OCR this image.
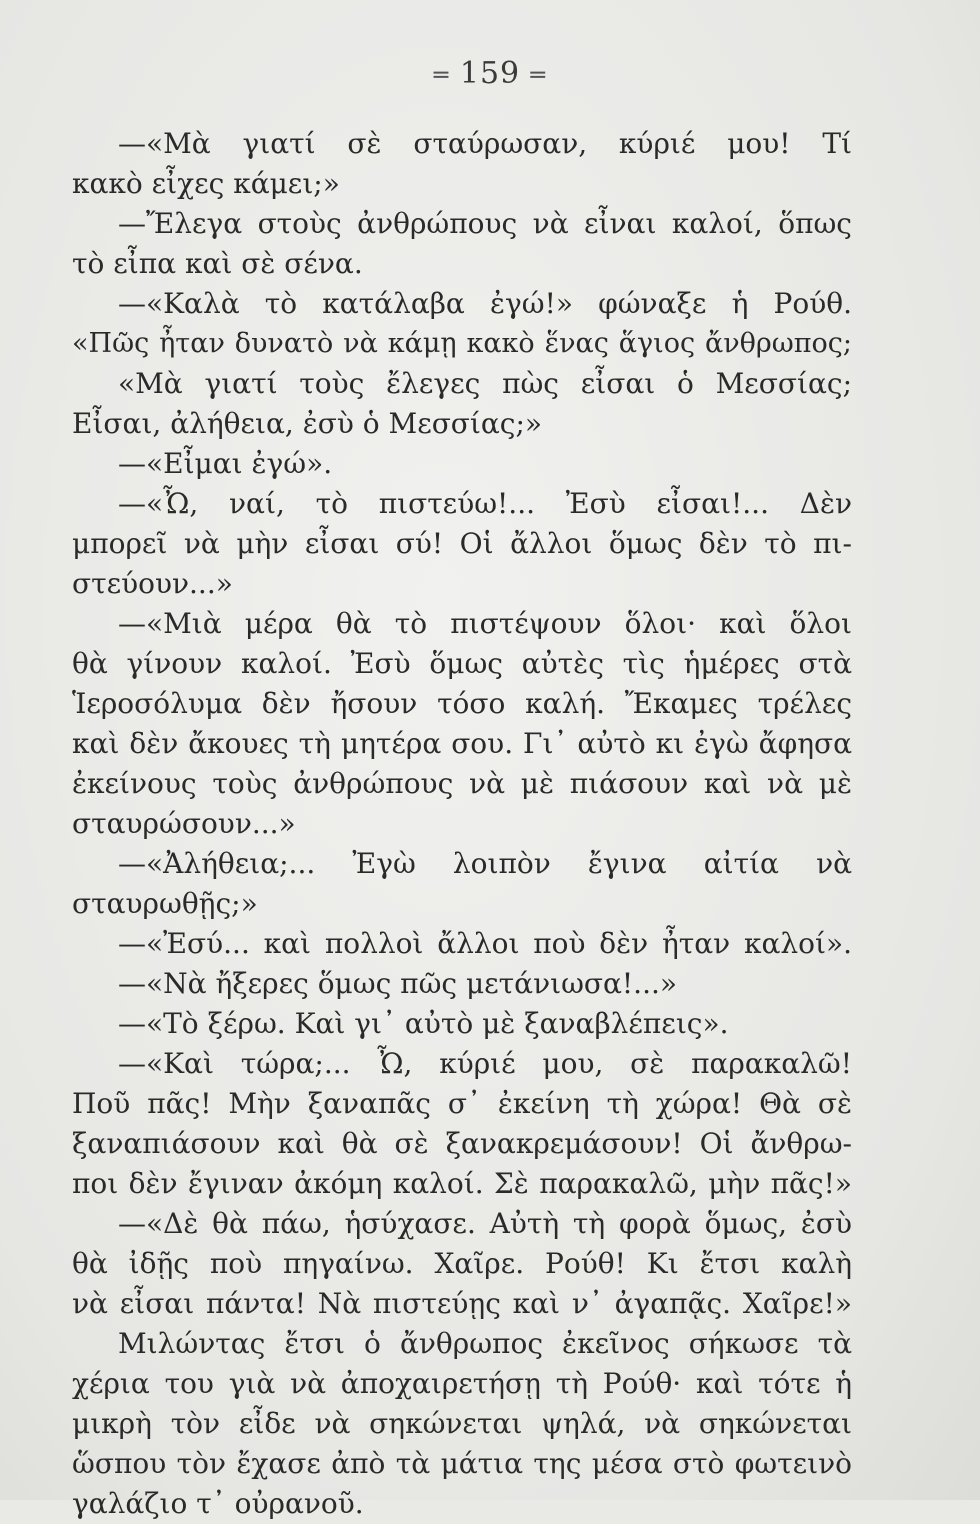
═ 159 ═
—«Μὰ γιατί σὲ σταύρωσαν, κύριέ μου! Τί
κακὸ εἶχες κάμει;»
—Ἔλεγα στοὺς ἀνθρώπους νὰ εἶναι καλοί, ὅπως
τὸ εἶπα καὶ σὲ σένα.
—«Καλὰ τὸ κατάλαβα ἐγώ!» φώναξε ἡ Ρούθ.
«Πῶς ἦταν δυνατὸ νὰ κάμῃ κακὸ ἕνας ἅγιος ἄνθρωπος;
«Μὰ γιατί τοὺς ἔλεγες πὼς εἶσαι ὁ Μεσσίας;
Εἶσαι, ἀλήθεια, ἐσὺ ὁ Μεσσίας;»
—«Εἶμαι ἐγώ».
—«Ὦ, ναί, τὸ πιστεύω!... Ἐσὺ εἶσαι!... Δὲν
μπορεῖ νὰ μὴν εἶσαι σύ! Οἱ ἄλλοι ὅμως δὲν τὸ πι-
στεύουν...»
—«Μιὰ μέρα θὰ τὸ πιστέψουν ὅλοι· καὶ ὅλοι
θὰ γίνουν καλοί. Ἐσὺ ὅμως αὐτὲς τὶς ἡμέρες στὰ
Ἱεροσόλυμα δὲν ἤσουν τόσο καλή. Ἔκαμες τρέλες
καὶ δὲν ἄκουες τὴ μητέρα σου. Γι᾽ αὐτὸ κι ἐγὼ ἄφησα
ἐκείνους τοὺς ἀνθρώπους νὰ μὲ πιάσουν καὶ νὰ μὲ
σταυρώσουν...»
—«Ἀλήθεια;... Ἐγὼ λοιπὸν ἔγινα αἰτία νὰ
σταυρωθῇς;»
—«Ἐσύ... καὶ πολλοὶ ἄλλοι ποὺ δὲν ἦταν καλοί».
—«Νὰ ἤξερες ὅμως πῶς μετάνιωσα!...»
—«Τὸ ξέρω. Καὶ γι᾽ αὐτὸ μὲ ξαναβλέπεις».
—«Καὶ τώρα;... Ὦ, κύριέ μου, σὲ παρακαλῶ!
Ποῦ πᾶς! Μὴν ξαναπᾶς σ᾽ ἐκείνη τὴ χώρα! Θὰ σὲ
ξαναπιάσουν καὶ θὰ σὲ ξανακρεμάσουν! Οἱ ἄνθρω-
ποι δὲν ἔγιναν ἀκόμη καλοί. Σὲ παρακαλῶ, μὴν πᾶς!»
—«Δὲ θὰ πάω, ἡσύχασε. Αὐτὴ τὴ φορὰ ὅμως, ἐσὺ
θὰ ἰδῇς ποὺ πηγαίνω. Χαῖρε. Ρούθ! Κι ἔτσι καλὴ
νὰ εἶσαι πάντα! Νὰ πιστεύῃς καὶ ν᾽ ἀγαπᾷς. Χαῖρε!»
Μιλώντας ἔτσι ὁ ἄνθρωπος ἐκεῖνος σήκωσε τὰ
χέρια του γιὰ νὰ ἀποχαιρετήσῃ τὴ Ρούθ· καὶ τότε ἡ
μικρὴ τὸν εἶδε νὰ σηκώνεται ψηλά, νὰ σηκώνεται
ὥσπου τὸν ἔχασε ἀπὸ τὰ μάτια της μέσα στὸ φωτεινὸ
γαλάζιο τ᾽ οὐρανοῦ.
